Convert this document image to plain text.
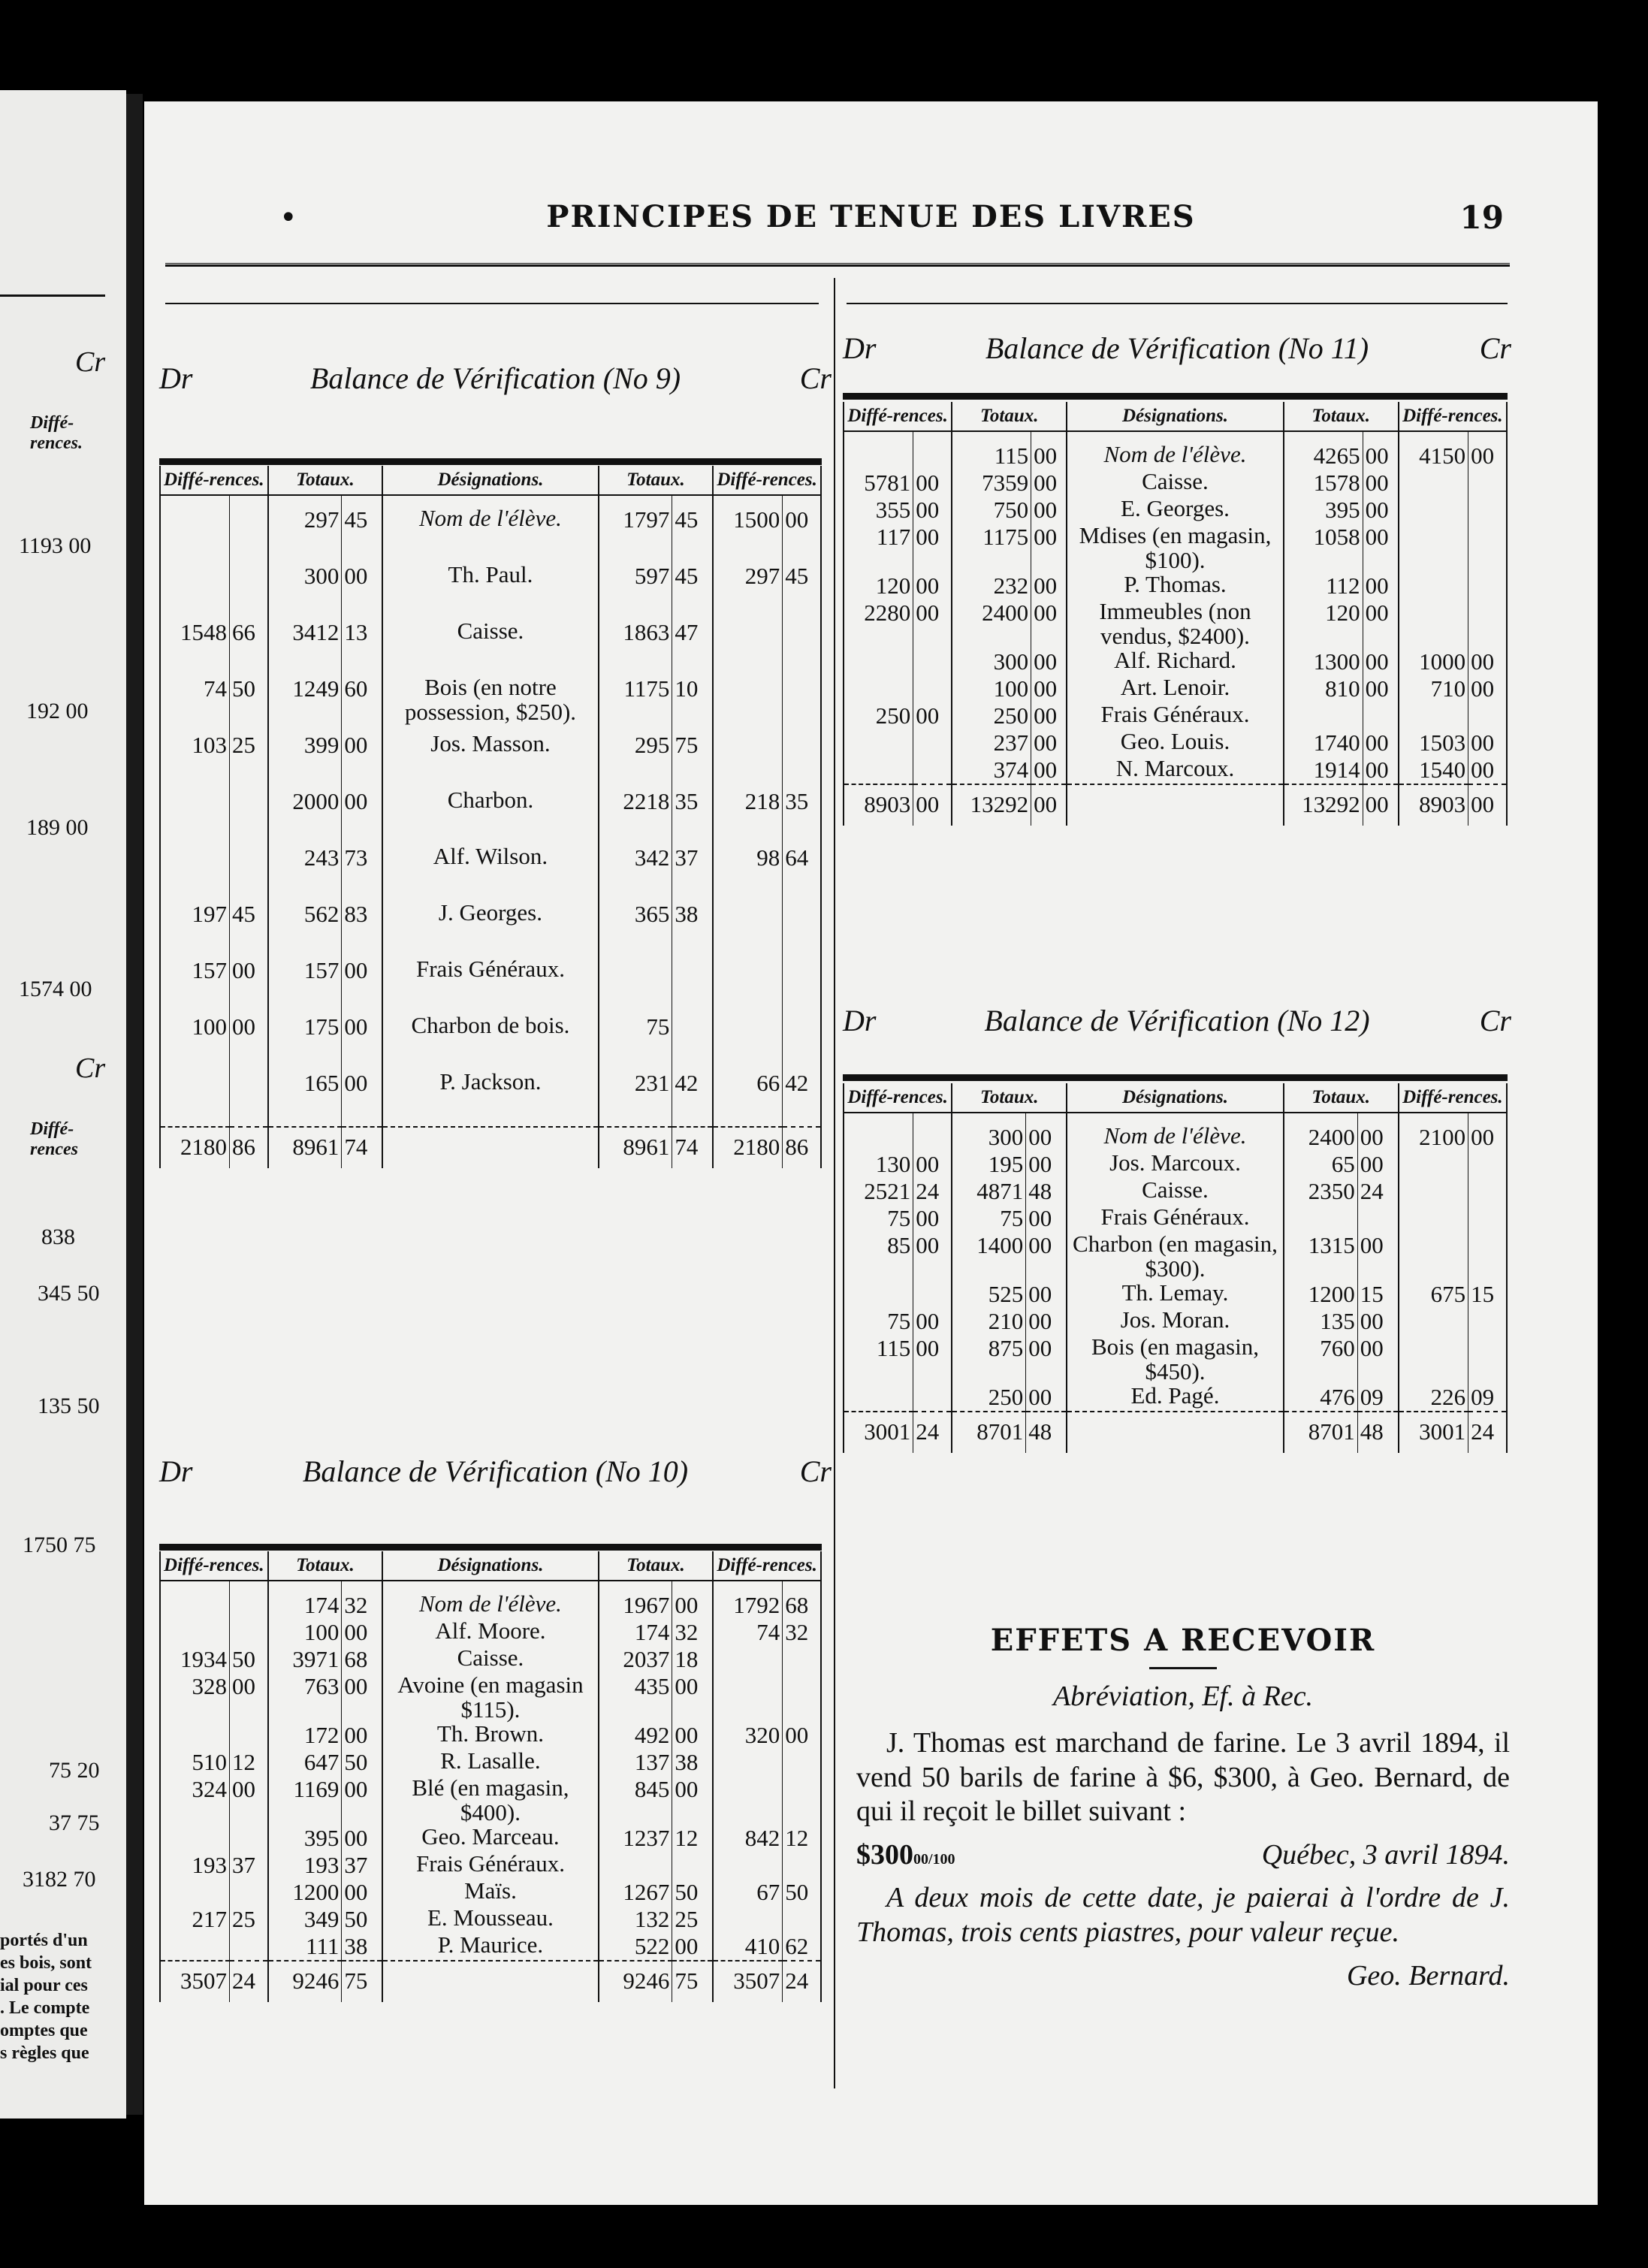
Cr
Diffé-rences.
1193 00
192 00
189 00
1574 00
Cr
Diffé-rences
838
345 50
135 50
1750 75
75 20
37 75
3182 70
portés d'un
es bois, sont
ial pour ces
. Le compte
omptes que
s règles que
•	PRINCIPES DE TENUE DES LIVRES	19
Dr	Balance de Vérification (No 9)	Cr
Diffé-rences.		Totaux.		Désignations.	Totaux.		Diffé-rences.	
		297	45	Nom de l'élève.	1797	45	1500	00
		300	00	Th. Paul.	597	45	297	45
1548	66	3412	13	Caisse.	1863	47		
74	50	1249	60	Bois (en notre possession, $250).	1175	10		
103	25	399	00	Jos. Masson.	295	75		
		2000	00	Charbon.	2218	35	218	35
		243	73	Alf. Wilson.	342	37	98	64
197	45	562	83	J. Georges.	365	38		
157	00	157	00	Frais Généraux.				
100	00	175	00	Charbon de bois.	75			
		165	00	P. Jackson.	231	42	66	42
2180	86	8961	74		8961	74	2180	86
Dr	Balance de Vérification (No 10)	Cr
Diffé-rences.		Totaux.		Désignations.	Totaux.		Diffé-rences.	
		174	32	Nom de l'élève.	1967	00	1792	68
		100	00	Alf. Moore.	174	32	74	32
1934	50	3971	68	Caisse.	2037	18		
328	00	763	00	Avoine (en magasin $115).	435	00		
		172	00	Th. Brown.	492	00	320	00
510	12	647	50	R. Lasalle.	137	38		
324	00	1169	00	Blé (en magasin, $400).	845	00		
		395	00	Geo. Marceau.	1237	12	842	12
193	37	193	37	Frais Généraux.				
		1200	00	Maïs.	1267	50	67	50
217	25	349	50	E. Mousseau.	132	25		
		111	38	P. Maurice.	522	00	410	62
3507	24	9246	75		9246	75	3507	24
Dr	Balance de Vérification (No 11)	Cr
Diffé-rences.		Totaux.		Désignations.	Totaux.		Diffé-rences.	
		115	00	Nom de l'élève.	4265	00	4150	00
5781	00	7359	00	Caisse.	1578	00		
355	00	750	00	E. Georges.	395	00		
117	00	1175	00	Mdises (en magasin, $100).	1058	00		
120	00	232	00	P. Thomas.	112	00		
2280	00	2400	00	Immeubles (non vendus, $2400).	120	00		
		300	00	Alf. Richard.	1300	00	1000	00
		100	00	Art. Lenoir.	810	00	710	00
250	00	250	00	Frais Généraux.				
		237	00	Geo. Louis.	1740	00	1503	00
		374	00	N. Marcoux.	1914	00	1540	00
8903	00	13292	00		13292	00	8903	00
Dr	Balance de Vérification (No 12)	Cr
Diffé-rences.		Totaux.		Désignations.	Totaux.		Diffé-rences.	
		300	00	Nom de l'élève.	2400	00	2100	00
130	00	195	00	Jos. Marcoux.	65	00		
2521	24	4871	48	Caisse.	2350	24		
75	00	75	00	Frais Généraux.				
85	00	1400	00	Charbon (en magasin, $300).	1315	00		
		525	00	Th. Lemay.	1200	15	675	15
75	00	210	00	Jos. Moran.	135	00		
115	00	875	00	Bois (en magasin, $450).	760	00		
		250	00	Ed. Pagé.	476	09	226	09
3001	24	8701	48		8701	48	3001	24
EFFETS A RECEVOIR
Abréviation, Ef. à Rec.

J. Thomas est marchand de farine. Le 3 avril 1894, il vend 50 barils de farine à $6, $300, à Geo. Bernard, de qui il reçoit le billet suivant :

$30000/100	Québec, 3 avril 1894.
A deux mois de cette date, je paierai à l'ordre de J. Thomas, trois cents piastres, pour valeur reçue.
Geo. Bernard.
